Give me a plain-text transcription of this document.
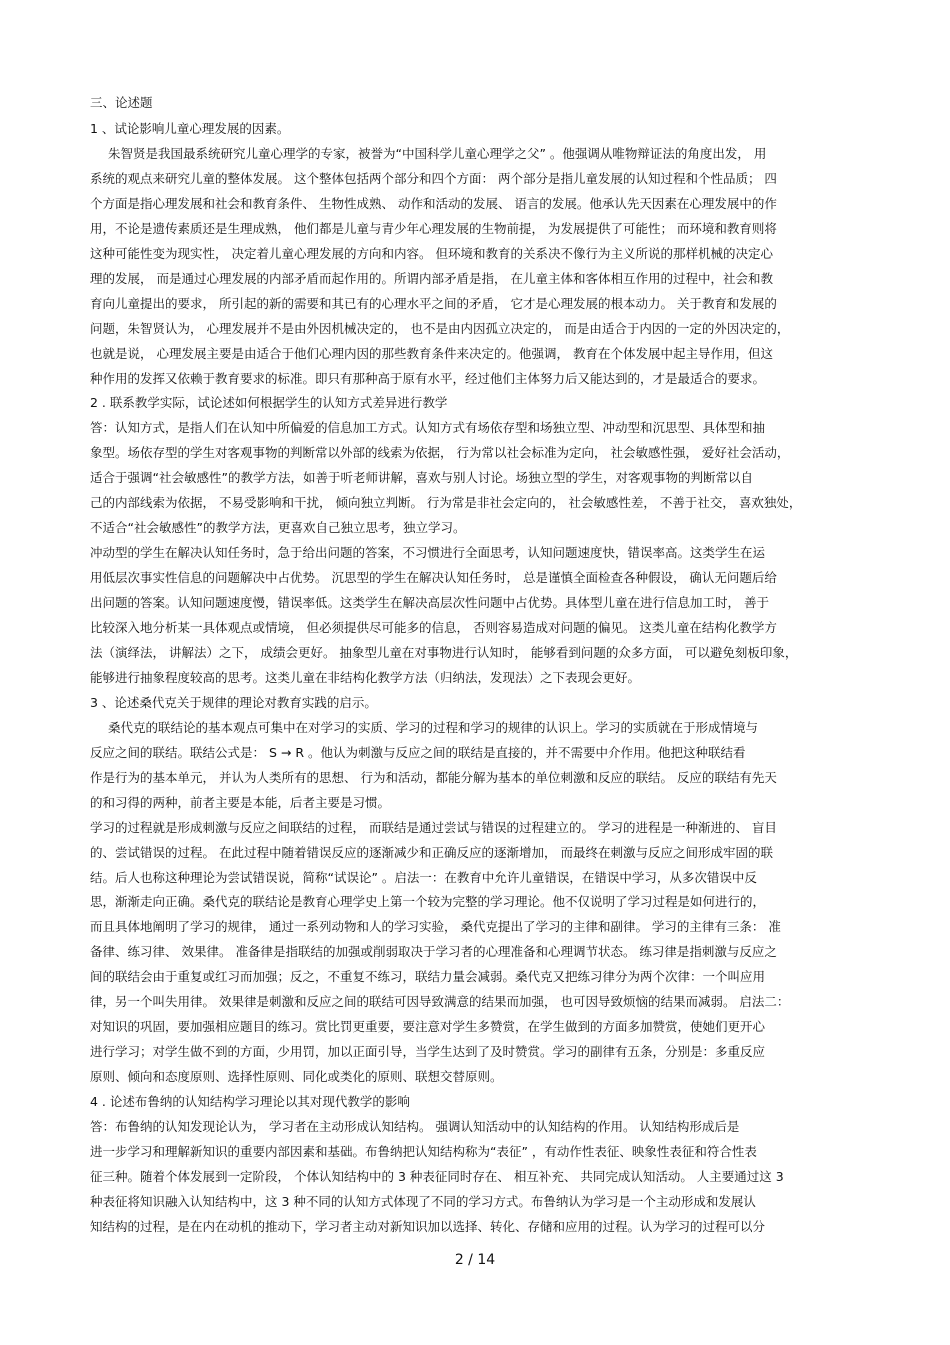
三、论述题
1 、试论影响儿童心理发展的因素。
朱智贤是我国最系统研究儿童心理学的专家，被誉为“中国科学儿童心理学之父” 。他强调从唯物辩证法的角度出发， 用
系统的观点来研究儿童的整体发展。 这个整体包括两个部分和四个方面： 两个部分是指儿童发展的认知过程和个性品质； 四
个方面是指心理发展和社会和教育条件、 生物性成熟、 动作和活动的发展、 语言的发展。他承认先天因素在心理发展中的作
用，不论是遗传素质还是生理成熟， 他们都是儿童与青少年心理发展的生物前提， 为发展提供了可能性； 而环境和教育则将
这种可能性变为现实性， 决定着儿童心理发展的方向和内容。 但环境和教育的关系决不像行为主义所说的那样机械的决定心
理的发展， 而是通过心理发展的内部矛盾而起作用的。所谓内部矛盾是指， 在儿童主体和客体相互作用的过程中，社会和教
育向儿童提出的要求， 所引起的新的需要和其已有的心理水平之间的矛盾， 它才是心理发展的根本动力。 关于教育和发展的
问题，朱智贤认为， 心理发展并不是由外因机械决定的， 也不是由内因孤立决定的， 而是由适合于内因的一定的外因决定的，
也就是说， 心理发展主要是由适合于他们心理内因的那些教育条件来决定的。他强调， 教育在个体发展中起主导作用，但这
种作用的发挥又依赖于教育要求的标准。即只有那种高于原有水平，经过他们主体努力后又能达到的，才是最适合的要求。
2 . 联系教学实际，试论述如何根据学生的认知方式差异进行教学
答：认知方式，是指人们在认知中所偏爱的信息加工方式。认知方式有场依存型和场独立型、冲动型和沉思型、具体型和抽
象型。场依存型的学生对客观事物的判断常以外部的线索为依据， 行为常以社会标准为定向， 社会敏感性强， 爱好社会活动，
适合于强调“社会敏感性”的教学方法，如善于听老师讲解，喜欢与别人讨论。场独立型的学生，对客观事物的判断常以自
己的内部线索为依据， 不易受影响和干扰， 倾向独立判断。 行为常是非社会定向的， 社会敏感性差， 不善于社交， 喜欢独处，
不适合“社会敏感性”的教学方法，更喜欢自己独立思考，独立学习。
冲动型的学生在解决认知任务时，急于给出问题的答案，不习惯进行全面思考，认知问题速度快，错误率高。这类学生在运
用低层次事实性信息的问题解决中占优势。 沉思型的学生在解决认知任务时， 总是谨慎全面检查各种假设， 确认无问题后给
出问题的答案。认知问题速度慢，错误率低。这类学生在解决高层次性问题中占优势。具体型儿童在进行信息加工时， 善于
比较深入地分析某一具体观点或情境， 但必须提供尽可能多的信息， 否则容易造成对问题的偏见。 这类儿童在结构化教学方
法（演绎法， 讲解法）之下， 成绩会更好。 抽象型儿童在对事物进行认知时， 能够看到问题的众多方面， 可以避免刻板印象，
能够进行抽象程度较高的思考。这类儿童在非结构化教学方法（归纳法，发现法）之下表现会更好。
3 、论述桑代克关于规律的理论对教育实践的启示。
桑代克的联结论的基本观点可集中在对学习的实质、学习的过程和学习的规律的认识上。学习的实质就在于形成情境与
反应之间的联结。联结公式是： S → R 。他认为刺激与反应之间的联结是直接的，并不需要中介作用。他把这种联结看
作是行为的基本单元， 并认为人类所有的思想、 行为和活动，都能分解为基本的单位刺激和反应的联结。 反应的联结有先天
的和习得的两种，前者主要是本能，后者主要是习惯。
学习的过程就是形成刺激与反应之间联结的过程， 而联结是通过尝试与错误的过程建立的。 学习的进程是一种渐进的、 盲目
的、尝试错误的过程。 在此过程中随着错误反应的逐渐减少和正确反应的逐渐增加， 而最终在刺激与反应之间形成牢固的联
结。后人也称这种理论为尝试错误说，简称“试误论” 。启法一：在教育中允许儿童错误，在错误中学习，从多次错误中反
思，渐渐走向正确。桑代克的联结论是教育心理学史上第一个较为完整的学习理论。他不仅说明了学习过程是如何进行的，
而且具体地阐明了学习的规律， 通过一系列动物和人的学习实验， 桑代克提出了学习的主律和副律。 学习的主律有三条： 准
备律、练习律、 效果律。 准备律是指联结的加强或削弱取决于学习者的心理准备和心理调节状态。 练习律是指刺激与反应之
间的联结会由于重复或红习而加强；反之，不重复不练习，联结力量会减弱。桑代克又把练习律分为两个次律：一个叫应用
律，另一个叫失用律。 效果律是刺激和反应之间的联结可因导致满意的结果而加强， 也可因导致烦恼的结果而减弱。 启法二：
对知识的巩固，要加强相应题目的练习。赏比罚更重要，要注意对学生多赞赏，在学生做到的方面多加赞赏，使她们更开心
进行学习；对学生做不到的方面，少用罚，加以正面引导，当学生达到了及时赞赏。学习的副律有五条，分别是：多重反应
原则、倾向和态度原则、选择性原则、同化或类化的原则、联想交替原则。
4 . 论述布鲁纳的认知结构学习理论以其对现代教学的影响
答：布鲁纳的认知发现论认为， 学习者在主动形成认知结构。 强调认知活动中的认知结构的作用。 认知结构形成后是
进一步学习和理解新知识的重要内部因素和基础。布鲁纳把认知结构称为“表征” ，有动作性表征、映象性表征和符合性表
征三种。随着个体发展到一定阶段， 个体认知结构中的 3 种表征同时存在、 相互补充、 共同完成认知活动。 人主要通过这 3
种表征将知识融入认知结构中，这 3 种不同的认知方式体现了不同的学习方式。布鲁纳认为学习是一个主动形成和发展认
知结构的过程，是在内在动机的推动下，学习者主动对新知识加以选择、转化、存储和应用的过程。认为学习的过程可以分
2 / 14
